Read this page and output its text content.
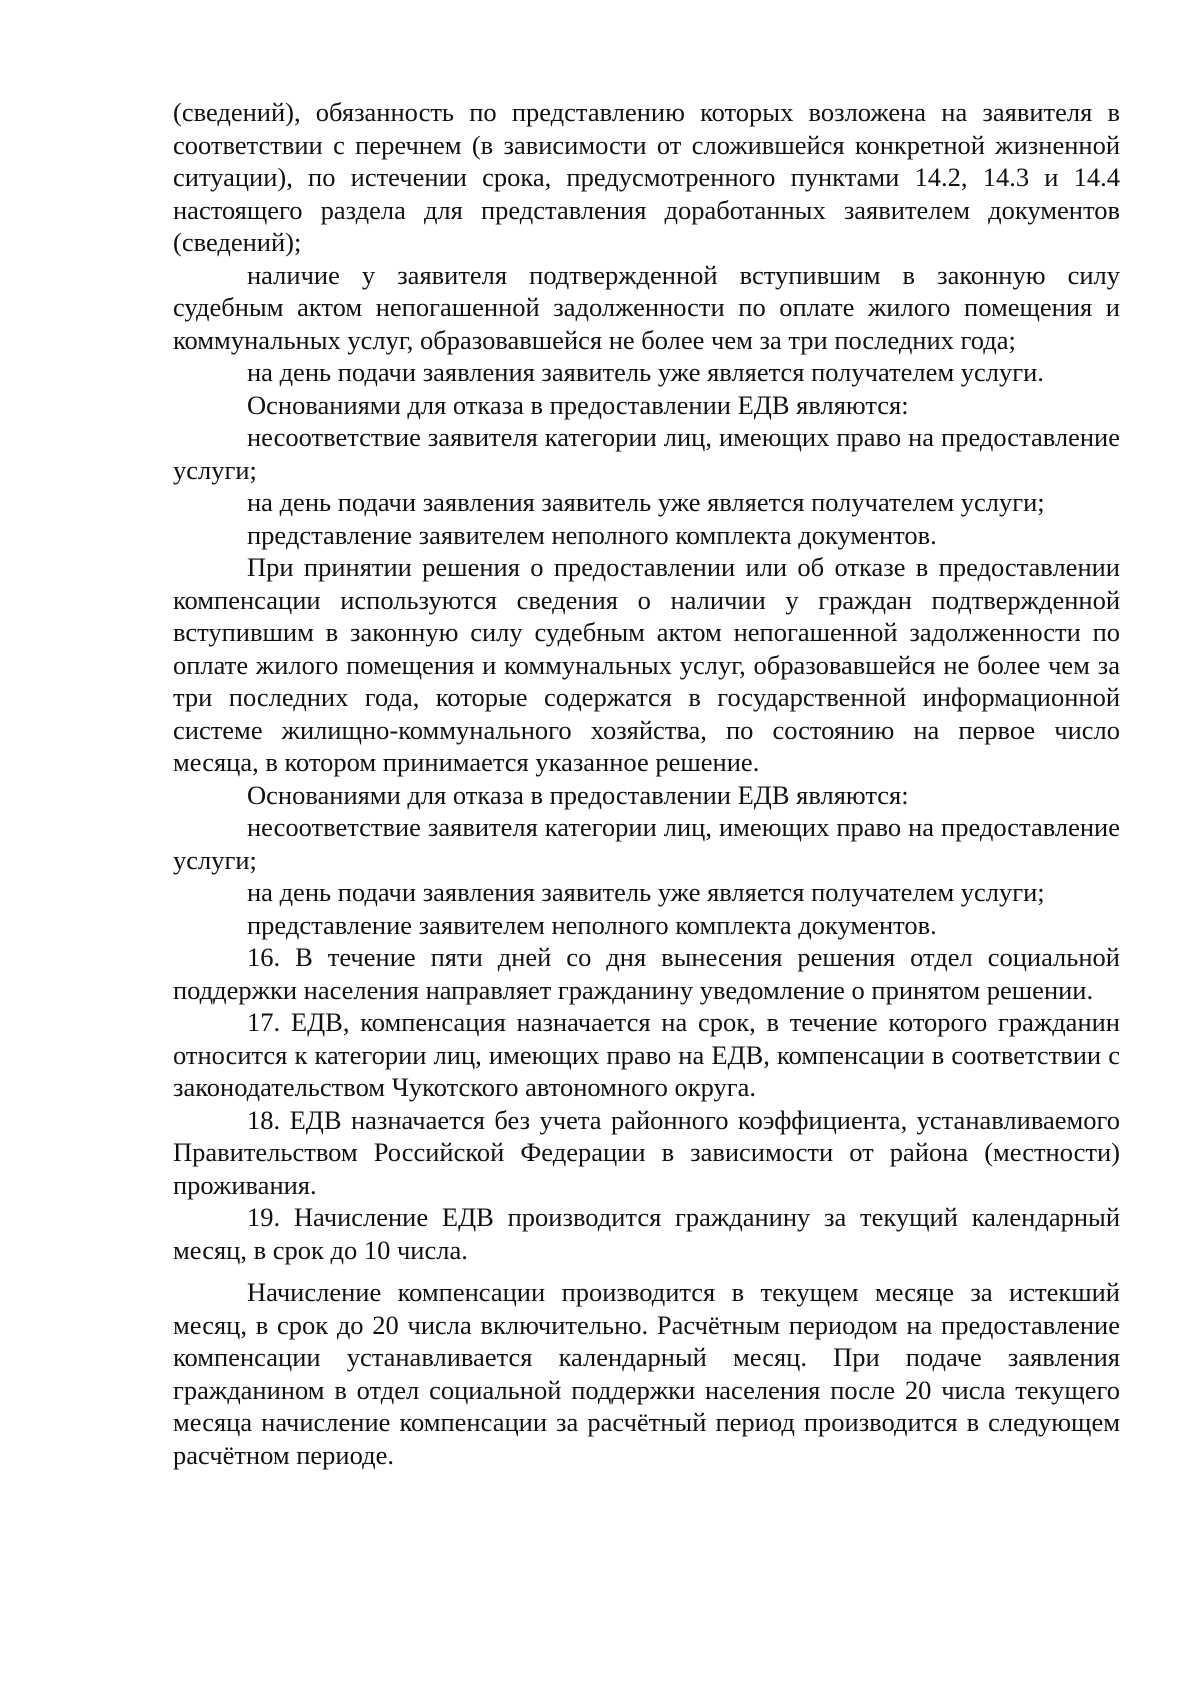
(сведений), обязанность по представлению которых возложена на заявителя в соответствии с перечнем (в зависимости от сложившейся конкретной жизненной ситуации), по истечении срока, предусмотренного пунктами 14.2, 14.3 и 14.4 настоящего раздела для представления доработанных заявителем документов (сведений);

наличие у заявителя подтвержденной вступившим в законную силу судебным актом непогашенной задолженности по оплате жилого помещения и коммунальных услуг, образовавшейся не более чем за три последних года;

на день подачи заявления заявитель уже является получателем услуги.

Основаниями для отказа в предоставлении ЕДВ являются:

несоответствие заявителя категории лиц, имеющих право на предоставление услуги;

на день подачи заявления заявитель уже является получателем услуги;

представление заявителем неполного комплекта документов.

При принятии решения о предоставлении или об отказе в предоставлении компенсации используются сведения о наличии у граждан подтвержденной вступившим в законную силу судебным актом непогашенной задолженности по оплате жилого помещения и коммунальных услуг, образовавшейся не более чем за три последних года, которые содержатся в государственной информационной системе жилищно-коммунального хозяйства, по состоянию на первое число месяца, в котором принимается указанное решение.

Основаниями для отказа в предоставлении ЕДВ являются:

несоответствие заявителя категории лиц, имеющих право на предоставление услуги;

на день подачи заявления заявитель уже является получателем услуги;

представление заявителем неполного комплекта документов.

16. В течение пяти дней со дня вынесения решения отдел социальной поддержки населения направляет гражданину уведомление о принятом решении.

17. ЕДВ, компенсация назначается на срок, в течение которого гражданин относится к категории лиц, имеющих право на ЕДВ, компенсации в соответствии с законодательством Чукотского автономного округа.

18. ЕДВ назначается без учета районного коэффициента, устанавливаемого Правительством Российской Федерации в зависимости от района (местности) проживания.

19. Начисление ЕДВ производится гражданину за текущий календарный месяц, в срок до 10 числа.

Начисление компенсации производится в текущем месяце за истекший месяц, в срок до 20 числа включительно. Расчётным периодом на предоставление компенсации устанавливается календарный месяц. При подаче заявления гражданином в отдел социальной поддержки населения после 20 числа текущего месяца начисление компенсации за расчётный период производится в следующем расчётном периоде.
